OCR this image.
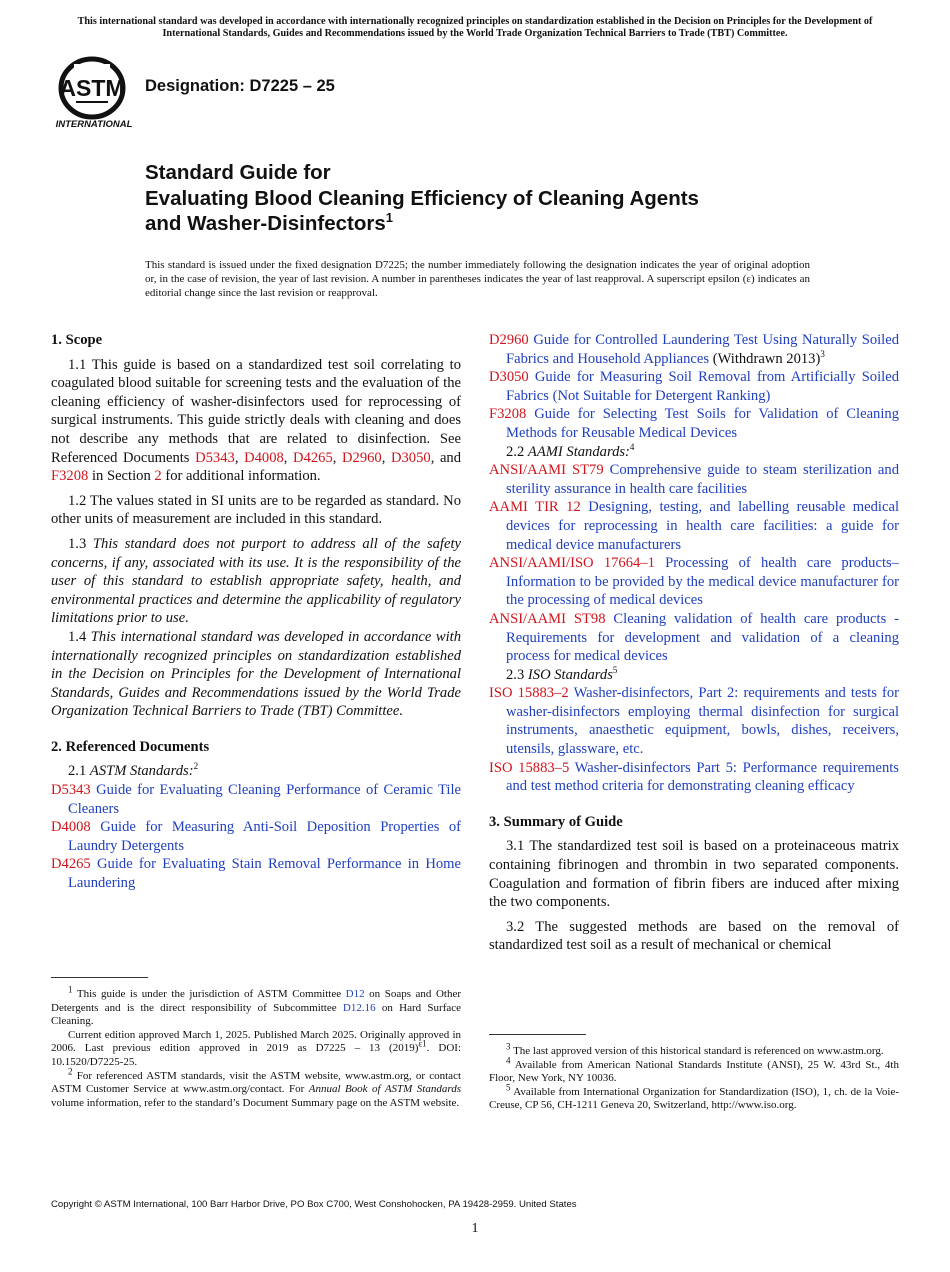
This international standard was developed in accordance with internationally recognized principles on standardization established in the Decision on Principles for the Development of International Standards, Guides and Recommendations issued by the World Trade Organization Technical Barriers to Trade (TBT) Committee.
ASTM
INTERNATIONAL
Designation: D7225 – 25
Standard Guide for
Evaluating Blood Cleaning Efficiency of Cleaning Agents
and Washer-Disinfectors$^1$
This standard is issued under the fixed designation D7225; the number immediately following the designation indicates the year of original adoption or, in the case of revision, the year of last revision. A number in parentheses indicates the year of last reapproval. A superscript epsilon (ε) indicates an editorial change since the last revision or reapproval.

1. Scope

1.1 This guide is based on a standardized test soil correlating to coagulated blood suitable for screening tests and the evaluation of the cleaning efficiency of washer-disinfectors used for reprocessing of surgical instruments. This guide strictly deals with cleaning and does not describe any methods that are related to disinfection. See Referenced Documents D5343, D4008, D4265, D2960, D3050, and F3208 in Section 2 for additional information.

1.2 The values stated in SI units are to be regarded as standard. No other units of measurement are included in this standard.

1.3 This standard does not purport to address all of the safety concerns, if any, associated with its use. It is the responsibility of the user of this standard to establish appropriate safety, health, and environmental practices and determine the applicability of regulatory limitations prior to use.

1.4 This international standard was developed in accordance with internationally recognized principles on standardization established in the Decision on Principles for the Development of International Standards, Guides and Recommendations issued by the World Trade Organization Technical Barriers to Trade (TBT) Committee.

2. Referenced Documents

2.1 ASTM Standards:$^2$

D5343 Guide for Evaluating Cleaning Performance of Ceramic Tile Cleaners

D4008 Guide for Measuring Anti-Soil Deposition Properties of Laundry Detergents

D4265 Guide for Evaluating Stain Removal Performance in Home Laundering

$^1$ This guide is under the jurisdiction of ASTM Committee D12 on Soaps and Other Detergents and is the direct responsibility of Subcommittee D12.16 on Hard Surface Cleaning.

Current edition approved March 1, 2025. Published March 2025. Originally approved in 2006. Last previous edition approved in 2019 as D7225 – 13 $(2019)^{\varepsilon 1}$. DOI: 10.1520/D7225-25.

$^2$ For referenced ASTM standards, visit the ASTM website, www.astm.org, or contact ASTM Customer Service at www.astm.org/contact. For Annual Book of ASTM Standards volume information, refer to the standard’s Document Summary page on the ASTM website.

D2960 Guide for Controlled Laundering Test Using Naturally Soiled Fabrics and Household Appliances (Withdrawn 2013)$^3$

D3050 Guide for Measuring Soil Removal from Artificially Soiled Fabrics (Not Suitable for Detergent Ranking)

F3208 Guide for Selecting Test Soils for Validation of Cleaning Methods for Reusable Medical Devices

2.2 AAMI Standards:$^4$

ANSI/AAMI ST79 Comprehensive guide to steam sterilization and sterility assurance in health care facilities

AAMI TIR 12 Designing, testing, and labelling reusable medical devices for reprocessing in health care facilities: a guide for medical device manufacturers

ANSI/AAMI/ISO 17664–1 Processing of health care products–Information to be provided by the medical device manufacturer for the processing of medical devices

ANSI/AAMI ST98 Cleaning validation of health care products - Requirements for development and validation of a cleaning process for medical devices

2.3 ISO Standards$^5$

ISO 15883–2 Washer-disinfectors, Part 2: requirements and tests for washer-disinfectors employing thermal disinfection for surgical instruments, anaesthetic equipment, bowls, dishes, receivers, utensils, glassware, etc.

ISO 15883–5 Washer-disinfectors Part 5: Performance requirements and test method criteria for demonstrating cleaning efficacy

3. Summary of Guide

3.1 The standardized test soil is based on a proteinaceous matrix containing fibrinogen and thrombin in two separated components. Coagulation and formation of fibrin fibers are induced after mixing the two components.

3.2 The suggested methods are based on the removal of standardized test soil as a result of mechanical or chemical

$^3$ The last approved version of this historical standard is referenced on www.astm.org.

$^4$ Available from American National Standards Institute (ANSI), 25 W. 43rd St., 4th Floor, New York, NY 10036.

$^5$ Available from International Organization for Standardization (ISO), 1, ch. de la Voie-Creuse, CP 56, CH-1211 Geneva 20, Switzerland, http://www.iso.org.

Copyright © ASTM International, 100 Barr Harbor Drive, PO Box C700, West Conshohocken, PA 19428-2959. United States
1
